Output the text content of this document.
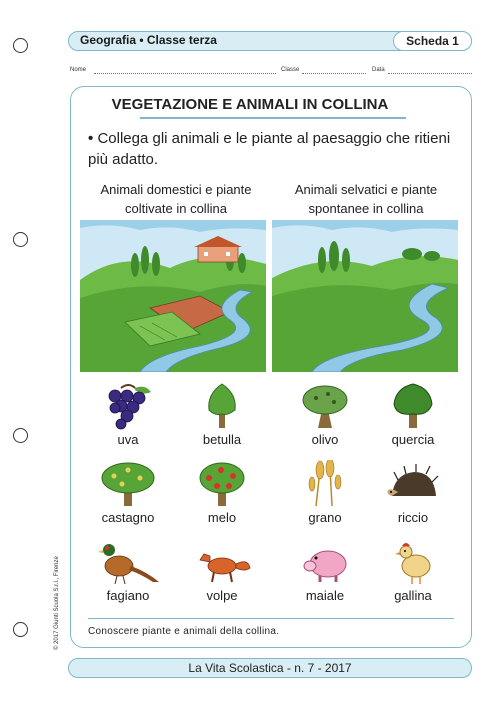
Geografia • Classe terza	Scheda 1
Nome	Classe	Data
VEGETAZIONE E ANIMALI IN COLLINA
• Collega gli animali e le piante al paesaggio che ritieni più adatto.
Animali domestici e piante coltivate in collina
Animali selvatici e piante spontanee in collina
uva	betulla	olivo	quercia
castagno	melo	grano	riccio
fagiano	volpe	maiale	gallina
Conoscere piante e animali della collina.
La Vita Scolastica - n. 7 - 2017
© 2017 Giunti Scuola S.r.l., Firenze
